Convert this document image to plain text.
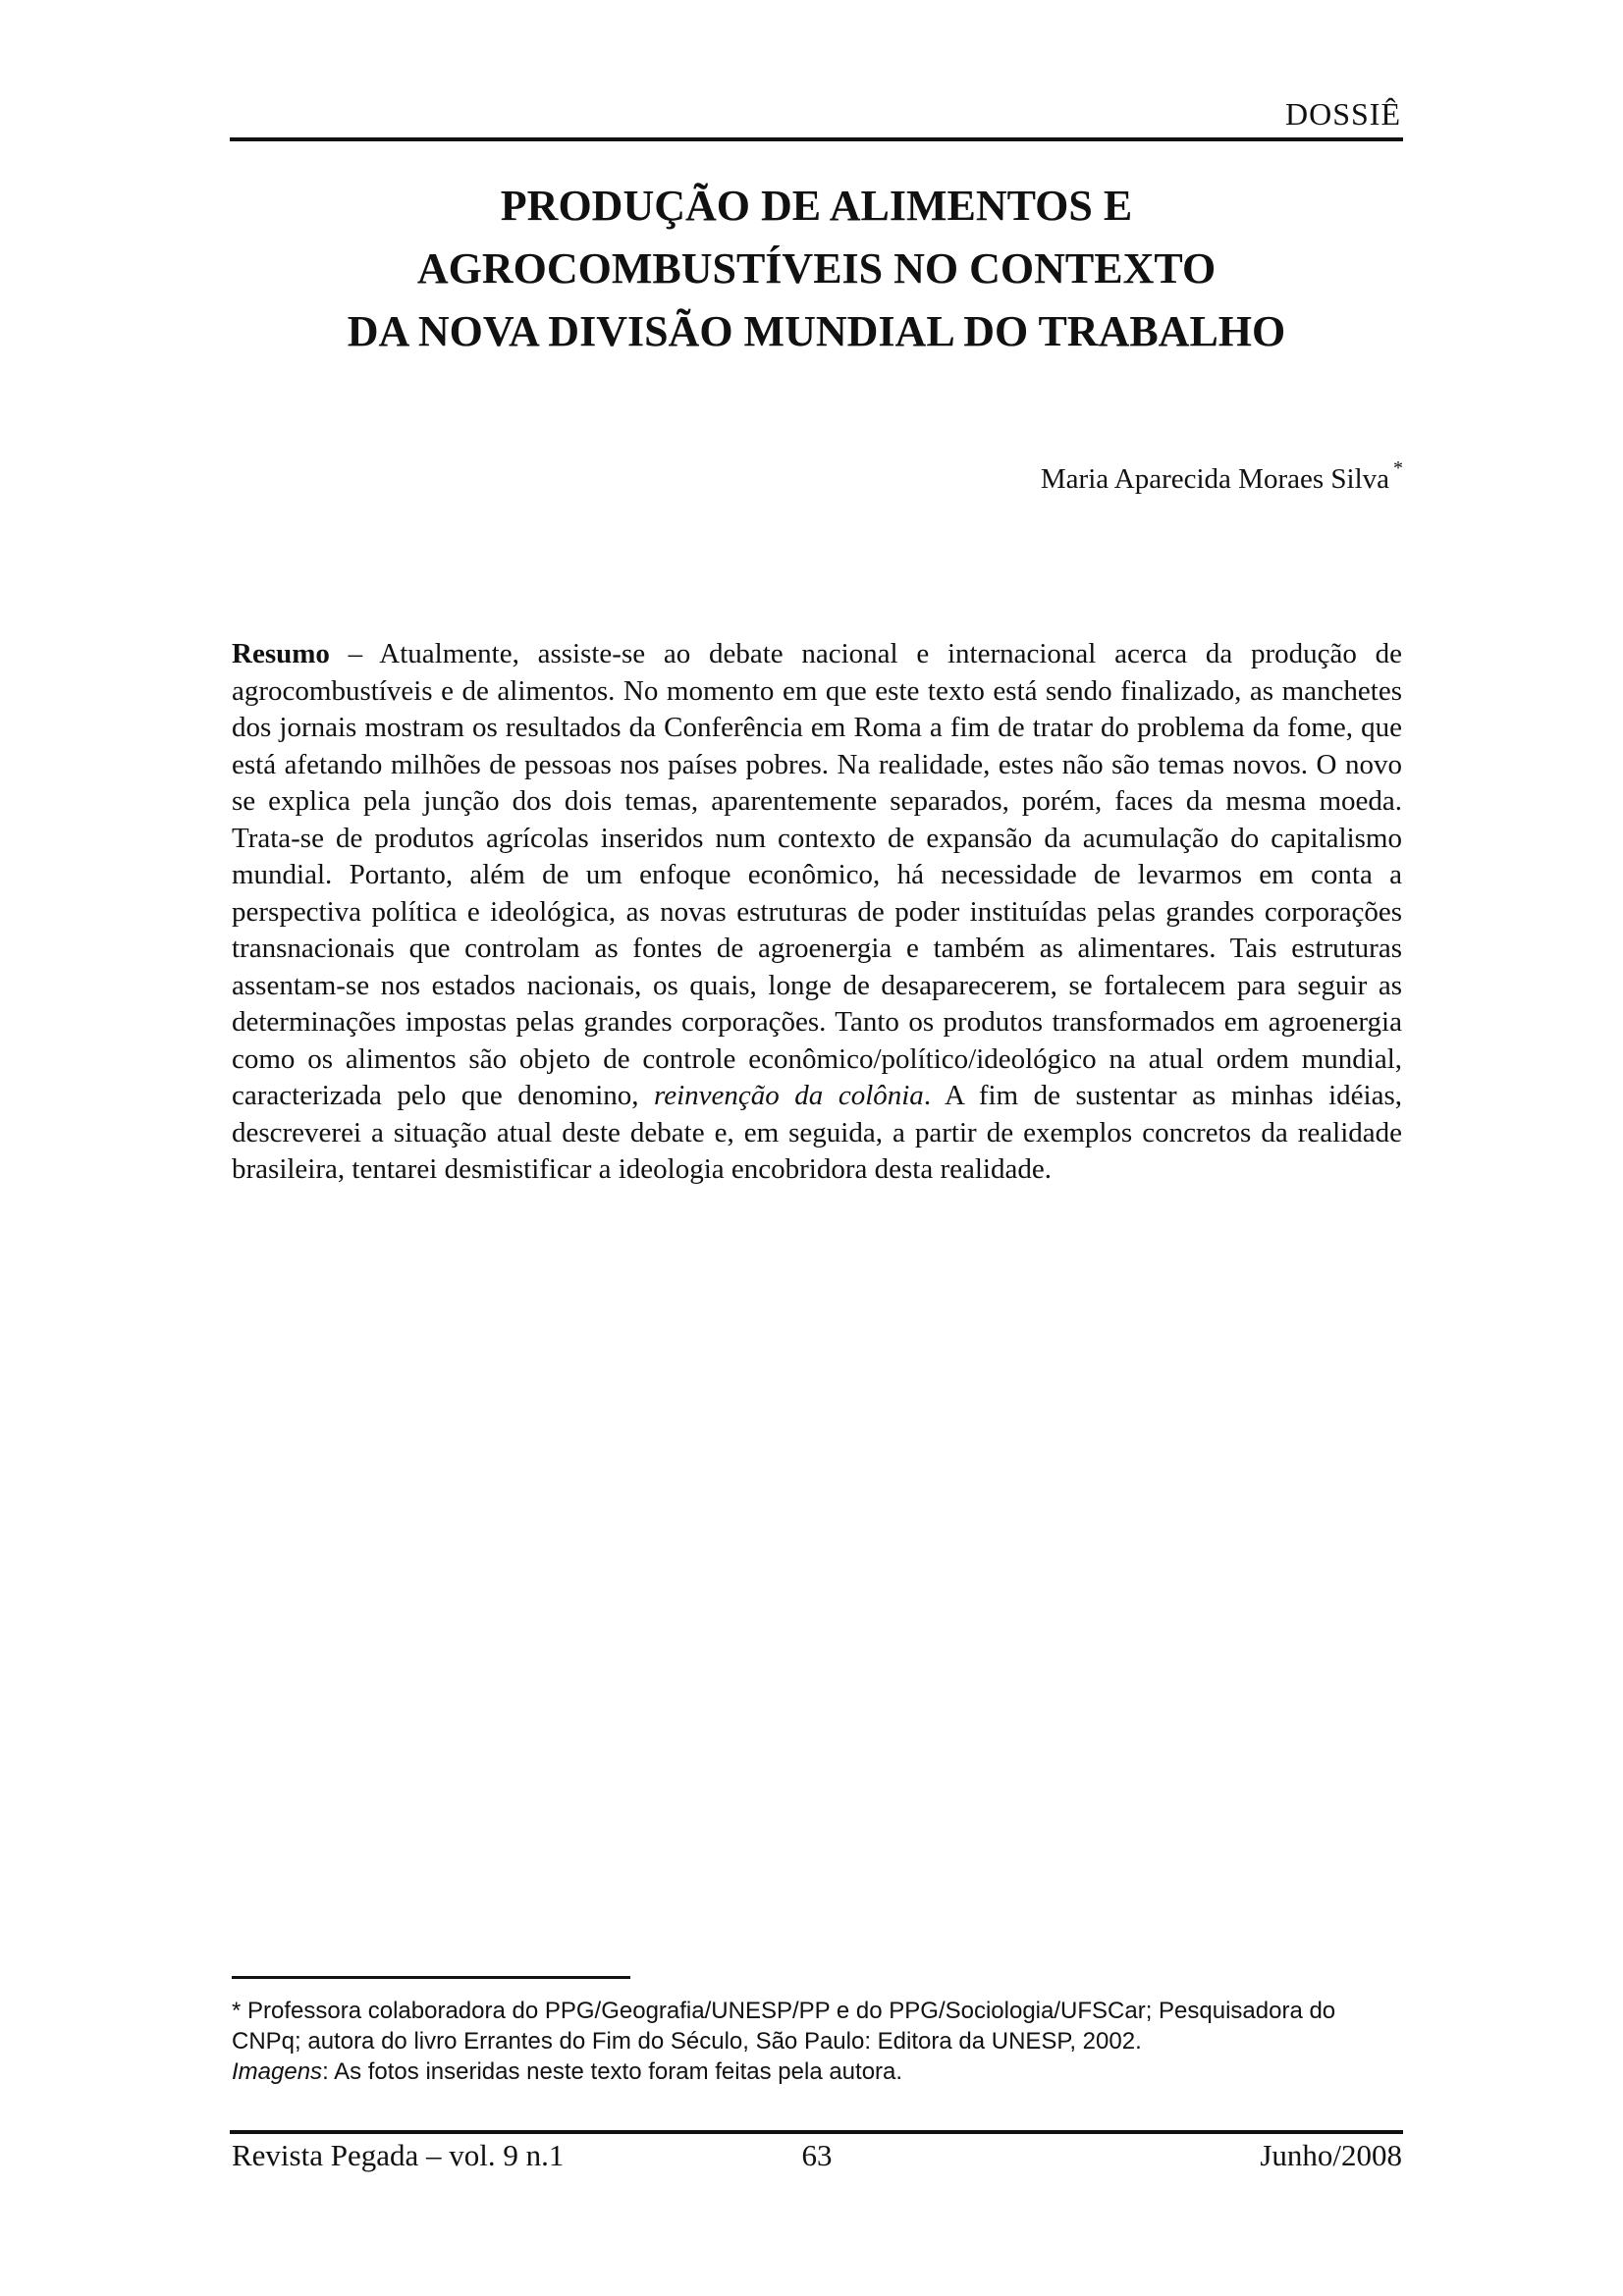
DOSSIÊ
PRODUÇÃO DE ALIMENTOS E
AGROCOMBUSTÍVEIS NO CONTEXTO
DA NOVA DIVISÃO MUNDIAL DO TRABALHO
Maria Aparecida Moraes Silva *
Resumo – Atualmente, assiste-se ao debate nacional e internacional acerca da produção de agrocombustíveis e de alimentos. No momento em que este texto está sendo finalizado, as manchetes dos jornais mostram os resultados da Conferência em Roma a fim de tratar do problema da fome, que está afetando milhões de pessoas nos países pobres. Na realidade, estes não são temas novos. O novo se explica pela junção dos dois temas, aparentemente separados, porém, faces da mesma moeda. Trata-se de produtos agrícolas inseridos num contexto de expansão da acumulação do capitalismo mundial. Portanto, além de um enfoque econômico, há necessidade de levarmos em conta a perspectiva política e ideológica, as novas estruturas de poder instituídas pelas grandes corporações transnacionais que controlam as fontes de agroenergia e também as alimentares. Tais estruturas assentam-se nos estados nacionais, os quais, longe de desaparecerem, se fortalecem para seguir as determinações impostas pelas grandes corporações. Tanto os produtos transformados em agroenergia como os alimentos são objeto de controle econômico/político/ideológico na atual ordem mundial, caracterizada pelo que denomino, reinvenção da colônia. A fim de sustentar as minhas idéias, descreverei a situação atual deste debate e, em seguida, a partir de exemplos concretos da realidade brasileira, tentarei desmistificar a ideologia encobridora desta realidade.

* Professora colaboradora do PPG/Geografia/UNESP/PP e do PPG/Sociologia/UFSCar; Pesquisadora do CNPq; autora do livro Errantes do Fim do Século, São Paulo: Editora da UNESP, 2002.

Imagens: As fotos inseridas neste texto foram feitas pela autora.

Revista Pegada – vol. 9 n.1	63	Junho/2008
